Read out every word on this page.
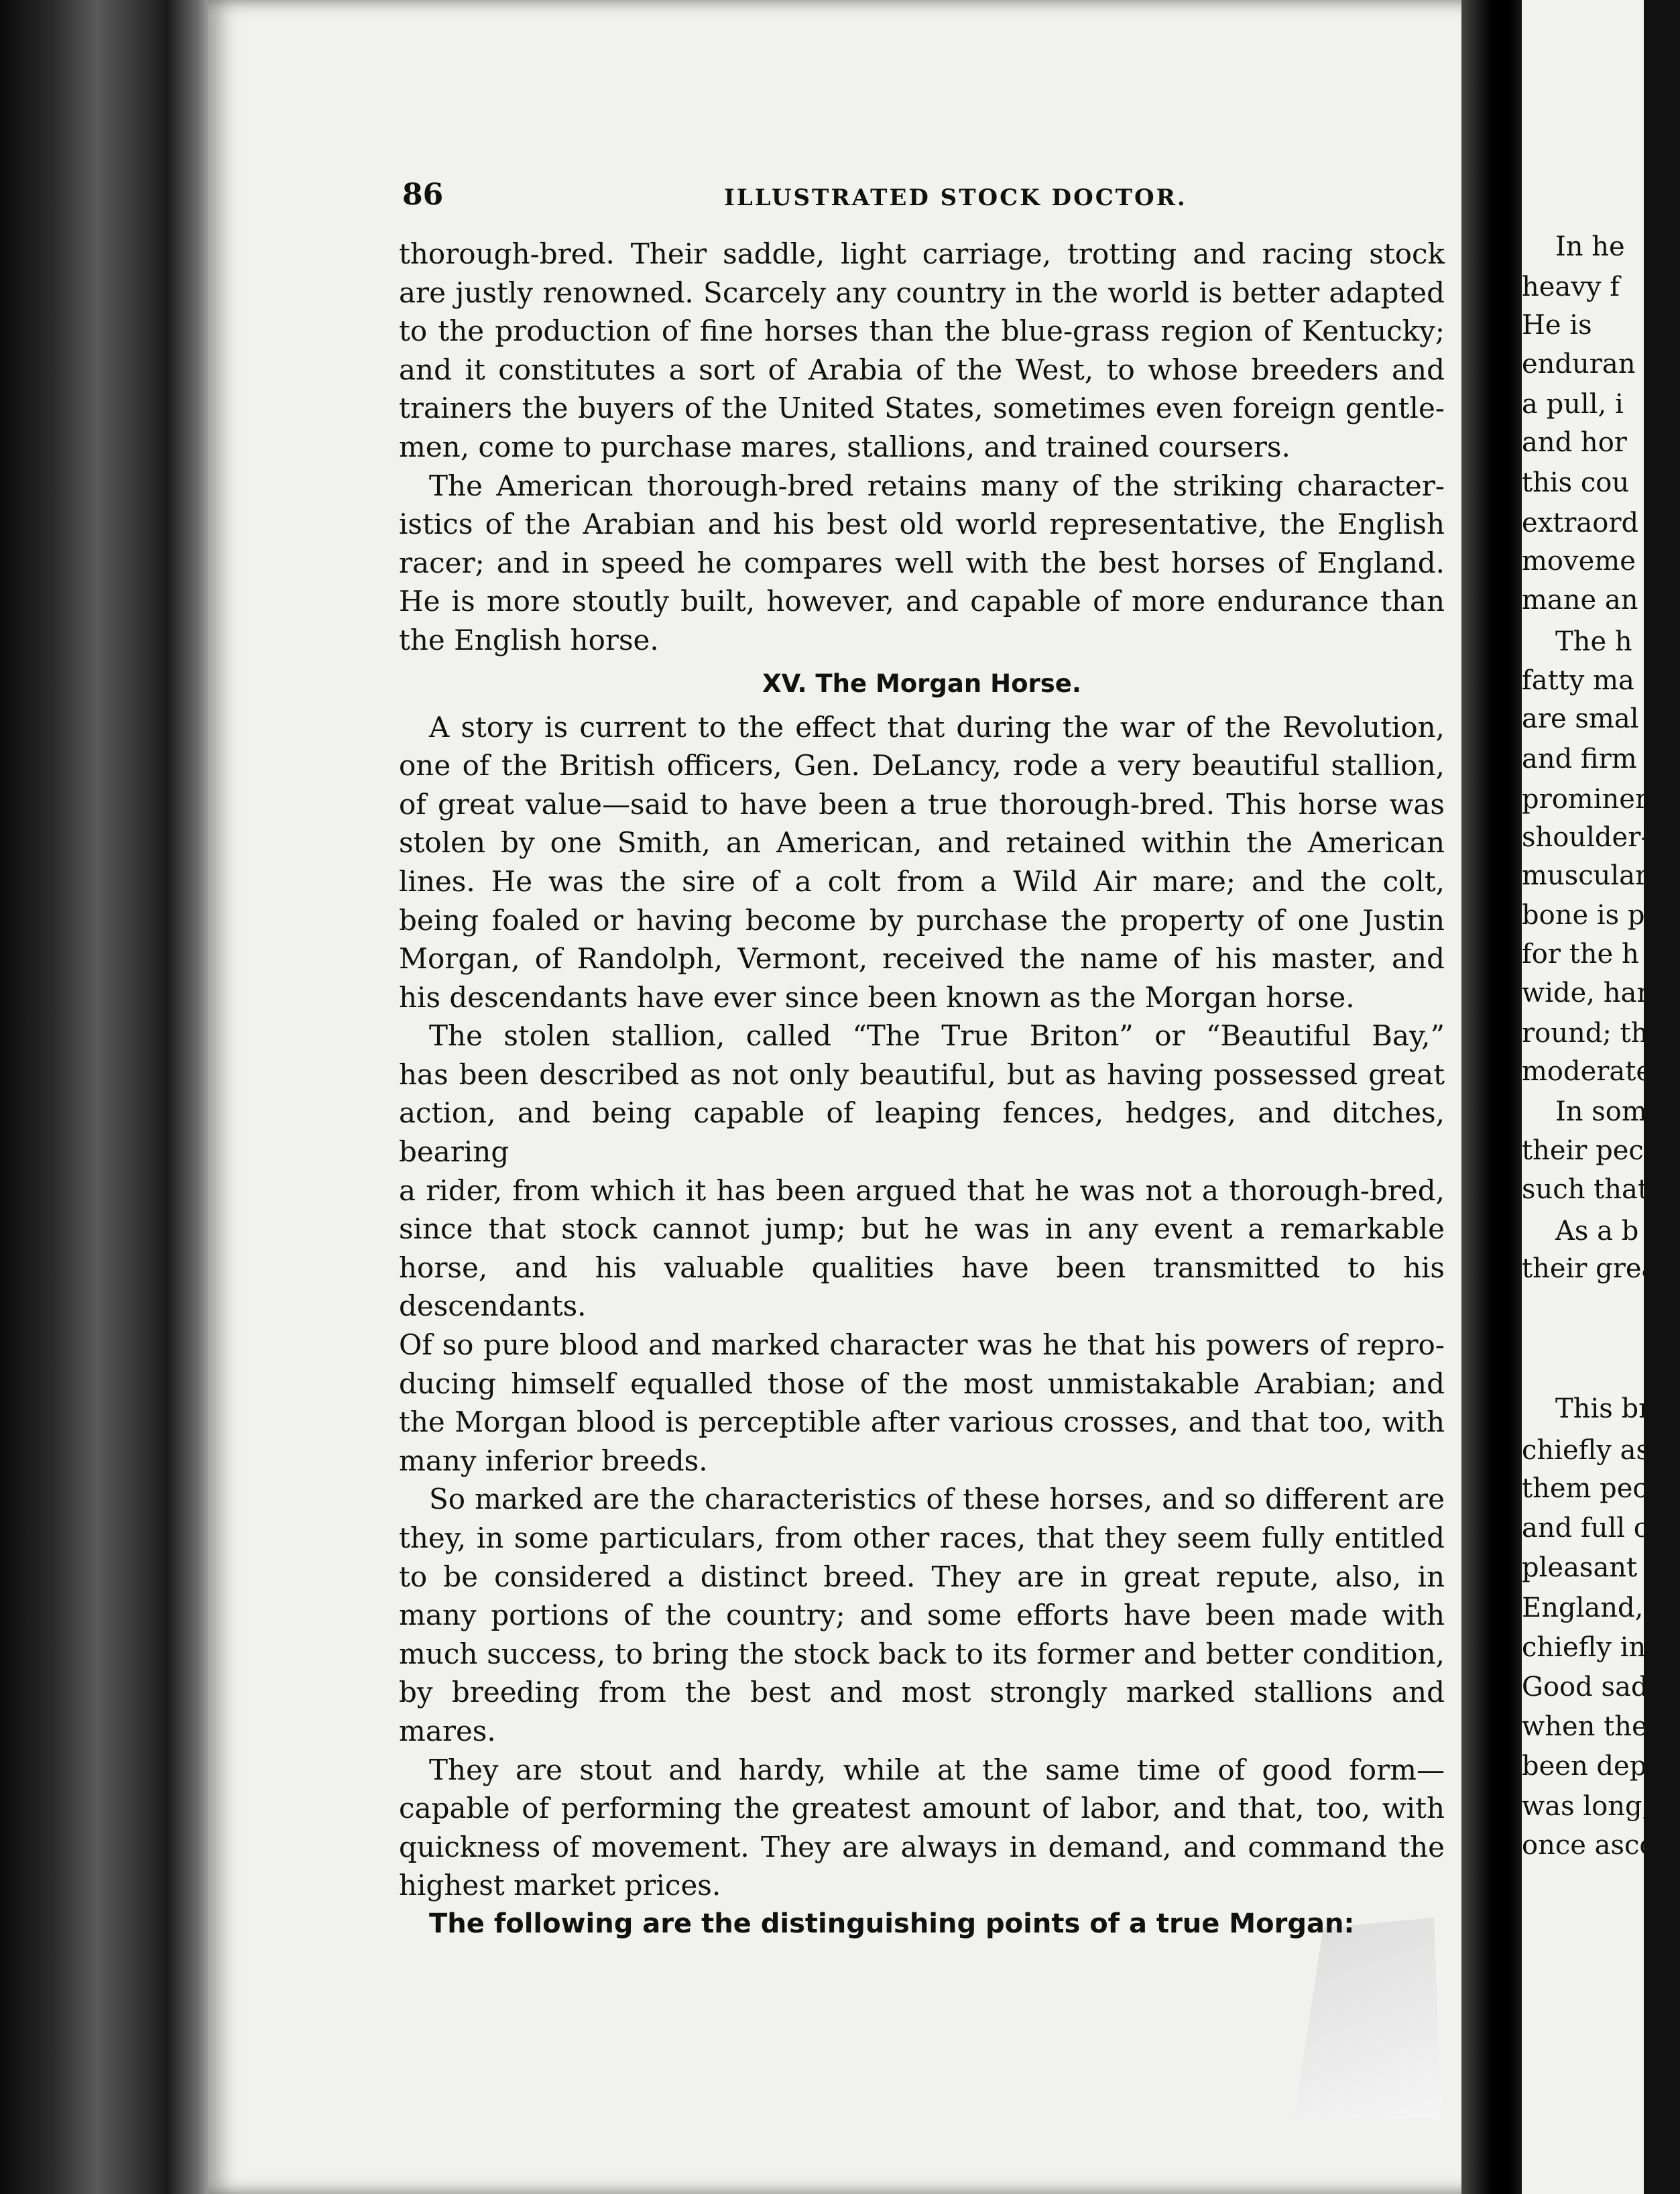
86	ILLUSTRATED STOCK DOCTOR.

thorough-bred. Their saddle, light carriage, trotting and racing stock

are justly renowned. Scarcely any country in the world is better adapted

to the production of fine horses than the blue-grass region of Kentucky;

and it constitutes a sort of Arabia of the West, to whose breeders and

trainers the buyers of the United States, sometimes even foreign gentle-

men, come to purchase mares, stallions, and trained coursers.

The American thorough-bred retains many of the striking character-

istics of the Arabian and his best old world representative, the English

racer; and in speed he compares well with the best horses of England.

He is more stoutly built, however, and capable of more endurance than

the English horse.

XV. The Morgan Horse.

A story is current to the effect that during the war of the Revolution,

one of the British officers, Gen. DeLancy, rode a very beautiful stallion,

of great value—said to have been a true thorough-bred. This horse was

stolen by one Smith, an American, and retained within the American

lines. He was the sire of a colt from a Wild Air mare; and the colt,

being foaled or having become by purchase the property of one Justin

Morgan, of Randolph, Vermont, received the name of his master, and

his descendants have ever since been known as the Morgan horse.

The stolen stallion, called “The True Briton” or “Beautiful Bay,”

has been described as not only beautiful, but as having possessed great

action, and being capable of leaping fences, hedges, and ditches, bearing

a rider, from which it has been argued that he was not a thorough-bred,

since that stock cannot jump; but he was in any event a remarkable

horse, and his valuable qualities have been transmitted to his descendants.

Of so pure blood and marked character was he that his powers of repro-

ducing himself equalled those of the most unmistakable Arabian; and

the Morgan blood is perceptible after various crosses, and that too, with

many inferior breeds.

So marked are the characteristics of these horses, and so different are

they, in some particulars, from other races, that they seem fully entitled

to be considered a distinct breed. They are in great repute, also, in

many portions of the country; and some efforts have been made with

much success, to bring the stock back to its former and better condition,

by breeding from the best and most strongly marked stallions and mares.

They are stout and hardy, while at the same time of good form—

capable of performing the greatest amount of labor, and that, too, with

quickness of movement. They are always in demand, and command the

highest market prices.

The following are the distinguishing points of a true Morgan:

In he
heavy f
He is
enduran
a pull, i
and hor
this cou
extraord
moveme
mane an
The h
fatty ma
are smal
and firm
prominer
shoulder-
muscular
bone is p
for the h
wide, har
round; th
moderate
In some
their pecu
such that
As a b
their grea
This br
chiefly as
them pecu
and full c
pleasant to
England, f
chiefly in
Good sadd
when the N
been depen
was long,
once ascert
